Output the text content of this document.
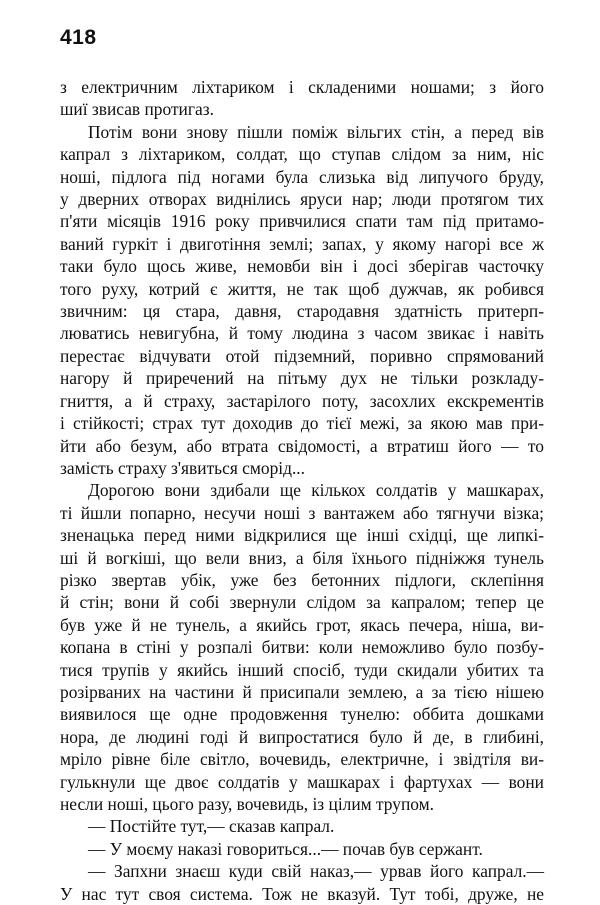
418

з електричним ліхтариком і складеними ношами; з його
шиї звисав протигаз.

Потім вони знову пішли поміж вільгих стін, а перед вів
капрал з ліхтариком, солдат, що ступав слідом за ним, ніс
ноші, підлога під ногами була слизька від липучого бруду,
у дверних отворах виднілись яруси нар; люди протягом тих
п'яти місяців 1916 року привчилися спати там під притамо-
ваний гуркіт і двиготіння землі; запах, у якому нагорі все ж
таки було щось живе, немовби він і досі зберігав часточку
того руху, котрий є життя, не так щоб дужчав, як робився
звичним: ця стара, давня, стародавня здатність притерп-
люватись невигубна, й тому людина з часом звикає і навіть
перестає відчувати отой підземний, поривно спрямований
нагору й приречений на пітьму дух не тільки розкладу-
гниття, а й страху, застарілого поту, засохлих екскрементів
і стійкості; страх тут доходив до тієї межі, за якою мав при-
йти або безум, або втрата свідомості, а втратиш його — то
замість страху з'явиться сморід...

Дорогою вони здибали ще кількох солдатів у машкарах,
ті йшли попарно, несучи ноші з вантажем або тягнучи візка;
зненацька перед ними відкрилися ще інші східці, ще липкі-
ші й вогкіші, що вели вниз, а біля їхнього підніжжя тунель
різко звертав убік, уже без бетонних підлоги, склепіння
й стін; вони й собі звернули слідом за капралом; тепер це
був уже й не тунель, а якийсь грот, якась печера, ніша, ви-
копана в стіні у розпалі битви: коли неможливо було позбу-
тися трупів у якийсь інший спосіб, туди скидали убитих та
розірваних на частини й присипали землею, а за тією нішею
виявилося ще одне продовження тунелю: оббита дошками
нора, де людині годі й випростатися було й де, в глибині,
мріло рівне біле світло, вочевидь, електричне, і звідтіля ви-
гулькнули ще двоє солдатів у машкарах і фартухах — вони
несли ноші, цього разу, вочевидь, із цілим трупом.

— Постійте тут,— сказав капрал.

— У моєму наказі говориться...— почав був сержант.

— Запхни знаєш куди свій наказ,— урвав його капрал.—
У нас тут своя система. Тож не вказуй. Тут тобі, друже, не
